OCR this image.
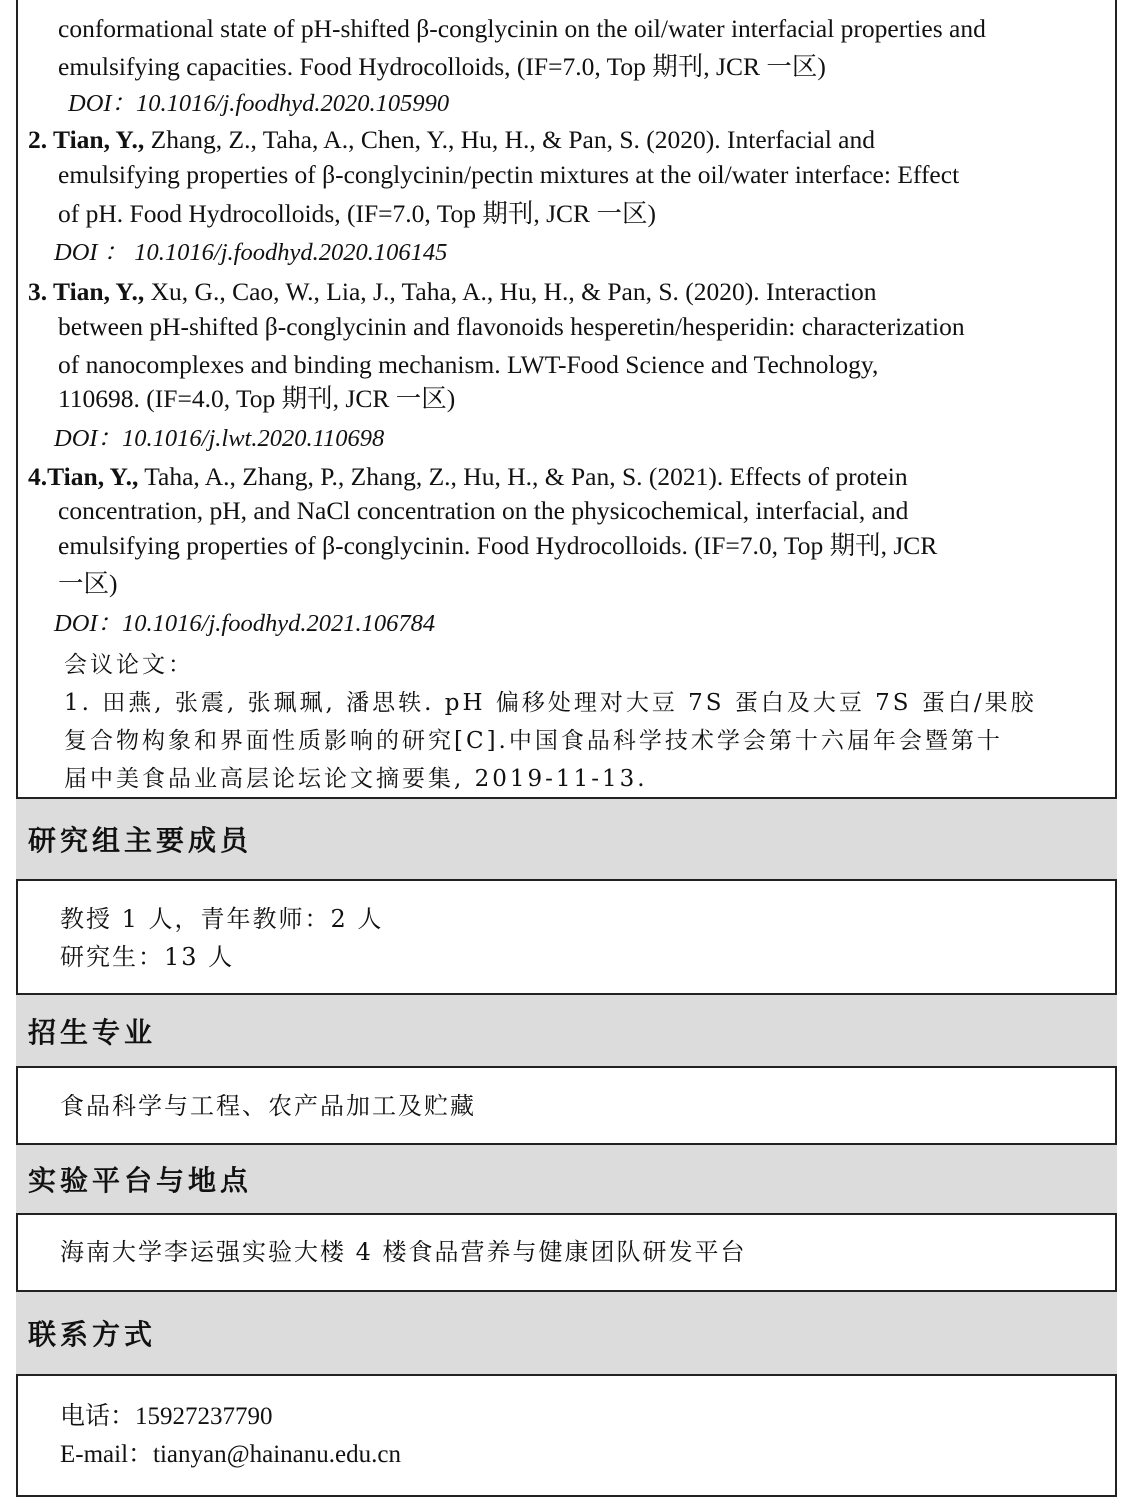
conformational state of pH-shifted β-conglycinin on the oil/water interfacial properties and
emulsifying capacities. Food Hydrocolloids, (IF=7.0, Top 期刊, JCR 一区)
DOI：10.1016/j.foodhyd.2020.105990
2. Tian, Y., Zhang, Z., Taha, A., Chen, Y., Hu, H., & Pan, S. (2020). Interfacial and
emulsifying properties of β-conglycinin/pectin mixtures at the oil/water interface: Effect
of pH. Food Hydrocolloids, (IF=7.0, Top 期刊, JCR 一区)
DOI ： 10.1016/j.foodhyd.2020.106145
3. Tian, Y., Xu, G., Cao, W., Lia, J., Taha, A., Hu, H., & Pan, S. (2020). Interaction
between pH-shifted β-conglycinin and flavonoids hesperetin/hesperidin: characterization
of nanocomplexes and binding mechanism. LWT-Food Science and Technology,
110698. (IF=4.0, Top 期刊, JCR 一区)
DOI：10.1016/j.lwt.2020.110698
4.Tian, Y., Taha, A., Zhang, P., Zhang, Z., Hu, H., & Pan, S. (2021). Effects of protein
concentration, pH, and NaCl concentration on the physicochemical, interfacial, and
emulsifying properties of β-conglycinin. Food Hydrocolloids. (IF=7.0, Top 期刊, JCR
一区)
DOI：10.1016/j.foodhyd.2021.106784
会议论文：
1. 田燕, 张震, 张珮珮, 潘思轶. pH 偏移处理对大豆 7S 蛋白及大豆 7S 蛋白/果胶
复合物构象和界面性质影响的研究[C].中国食品科学技术学会第十六届年会暨第十
届中美食品业高层论坛论文摘要集, 2019-11-13.
研究组主要成员
教授 1 人，青年教师：2 人
研究生：13 人
招生专业
食品科学与工程、农产品加工及贮藏
实验平台与地点
海南大学李运强实验大楼 4 楼食品营养与健康团队研发平台
联系方式
电话：15927237790
E-mail：tianyan@hainanu.edu.cn
